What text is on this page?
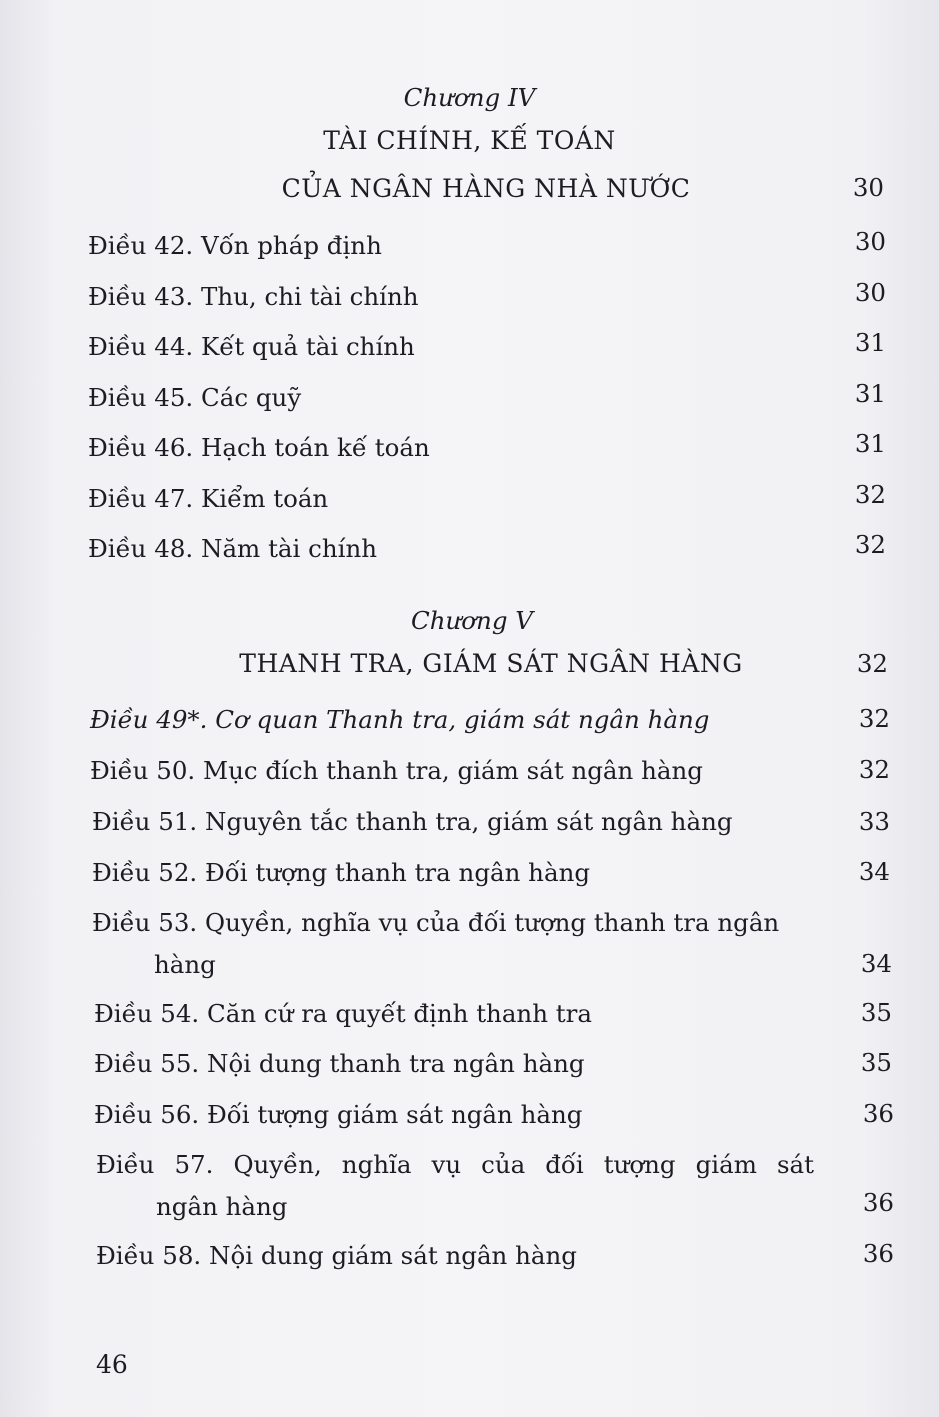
Chương IV
TÀI CHÍNH, KẾ TOÁN
CỦA NGÂN HÀNG NHÀ NƯỚC	30
Điều 42. Vốn pháp định	30
Điều 43. Thu, chi tài chính	30
Điều 44. Kết quả tài chính	31
Điều 45. Các quỹ	31
Điều 46. Hạch toán kế toán	31
Điều 47. Kiểm toán	32
Điều 48. Năm tài chính	32
Chương V
THANH TRA, GIÁM SÁT NGÂN HÀNG	32
Điều 49*. Cơ quan Thanh tra, giám sát ngân hàng	32
Điều 50. Mục đích thanh tra, giám sát ngân hàng	32
Điều 51. Nguyên tắc thanh tra, giám sát ngân hàng	33
Điều 52. Đối tượng thanh tra ngân hàng	34
Điều 53. Quyền, nghĩa vụ của đối tượng thanh tra ngân
hàng	34
Điều 54. Căn cứ ra quyết định thanh tra	35
Điều 55. Nội dung thanh tra ngân hàng	35
Điều 56. Đối tượng giám sát ngân hàng	36
Điều 57. Quyền, nghĩa vụ của đối tượng giám sát
ngân hàng	36
Điều 58. Nội dung giám sát ngân hàng	36
46
